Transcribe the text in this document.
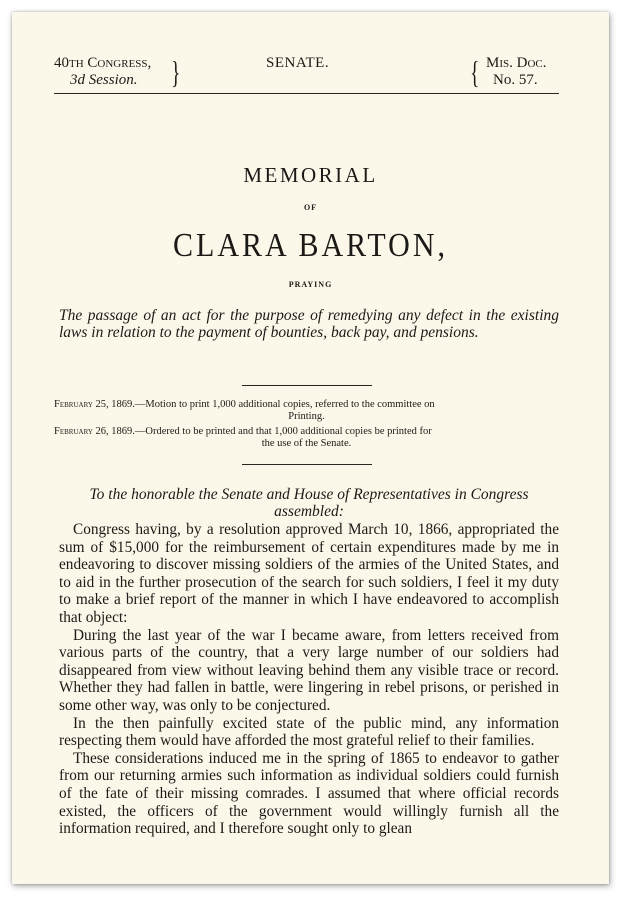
40th Congress,
3d Session. }	SENATE.	{ Mis. Doc.
No. 57.
MEMORIAL
OF
CLARA BARTON,
PRAYING
The passage of an act for the purpose of remedying any defect in the existing laws in relation to the payment of bounties, back pay, and pensions.
February 25, 1869.—Motion to print 1,000 additional copies, referred to the committee on
Printing.
February 26, 1869.—Ordered to be printed and that 1,000 additional copies be printed for
the use of the Senate.
To the honorable the Senate and House of Representatives in Congress assembled:

Congress having, by a resolution approved March 10, 1866, appropriated the sum of $15,000 for the reimbursement of certain expenditures made by me in endeavoring to discover missing soldiers of the armies of the United States, and to aid in the further prosecution of the search for such soldiers, I feel it my duty to make a brief report of the manner in which I have endeavored to accomplish that object:

During the last year of the war I became aware, from letters received from various parts of the country, that a very large number of our soldiers had disappeared from view without leaving behind them any visible trace or record. Whether they had fallen in battle, were lingering in rebel prisons, or perished in some other way, was only to be conjectured.

In the then painfully excited state of the public mind, any information respecting them would have afforded the most grateful relief to their families.

These considerations induced me in the spring of 1865 to endeavor to gather from our returning armies such information as individual soldiers could furnish of the fate of their missing comrades. I assumed that where official records existed, the officers of the government would willingly furnish all the information required, and I therefore sought only to glean
